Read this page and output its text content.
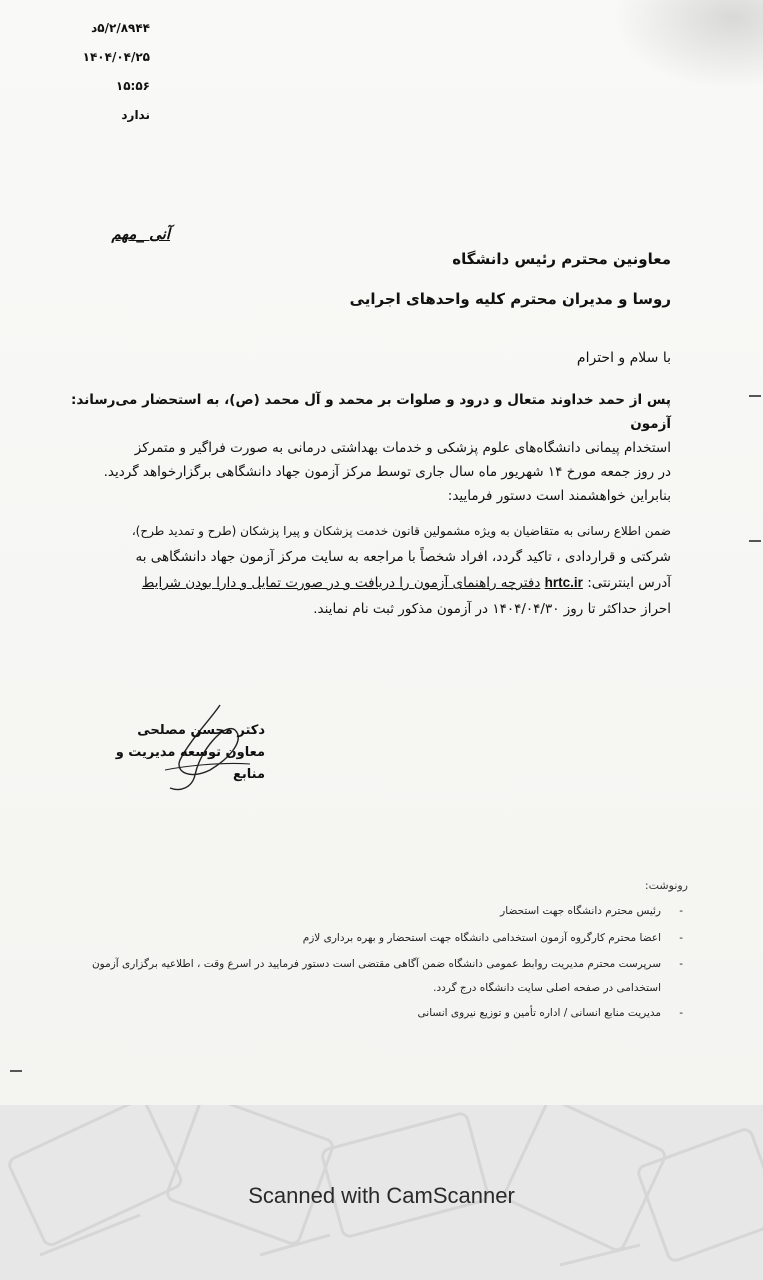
۵/۲/۸۹۴۴د
۱۴۰۴/۰۴/۲۵
۱۵:۵۶
ندارد
آنی _مهم
معاونین محترم رئیس دانشگاه
روسا و مدیران محترم کلیه واحدهای اجرایی
با سلام و احترام
پس از حمد خداوند متعال و درود و صلوات بر محمد و آل محمد (ص)، به استحضار می‌رساند: آزمون
استخدام پیمانی دانشگاه‌های علوم پزشکی و خدمات بهداشتی درمانی به صورت فراگیر و متمرکز
در روز جمعه مورخ ۱۴ شهریور ماه سال جاری توسط مرکز آزمون جهاد دانشگاهی برگزارخواهد گردید.
بنابراین خواهشمند است دستور فرمایید:
ضمن اطلاع رسانی به متقاضیان به ویژه مشمولین قانون خدمت پزشکان و پیرا پزشکان (طرح و تمدید طرح)،
شرکتی و قراردادی ، تاکید گردد، افراد شخصاً با مراجعه به سایت مرکز آزمون جهاد دانشگاهی به
آدرس اینترنتی: hrtc.ir دفترچه راهنمای آزمون را دریافت و در صورت تمایل و دارا بودن شرایط
احراز حداکثر تا روز ۱۴۰۴/۰۴/۳۰ در آزمون مذکور ثبت نام نمایند.
دکتر محسن مصلحی
معاون توسعه مدیریت و منابع
رونوشت:
-
رئیس محترم دانشگاه جهت استحضار
-
اعضا محترم کارگروه آزمون استخدامی دانشگاه جهت استحضار و بهره برداری لازم
-
سرپرست محترم مدیریت روابط عمومی دانشگاه ضمن آگاهی مقتضی است دستور فرمایید در اسرع وقت ، اطلاعیه برگزاری آزمون استخدامی در صفحه اصلی سایت دانشگاه درج گردد.
-
مدیریت منابع انسانی / اداره تأمین و توزیع نیروی انسانی
Scanned with CamScanner
